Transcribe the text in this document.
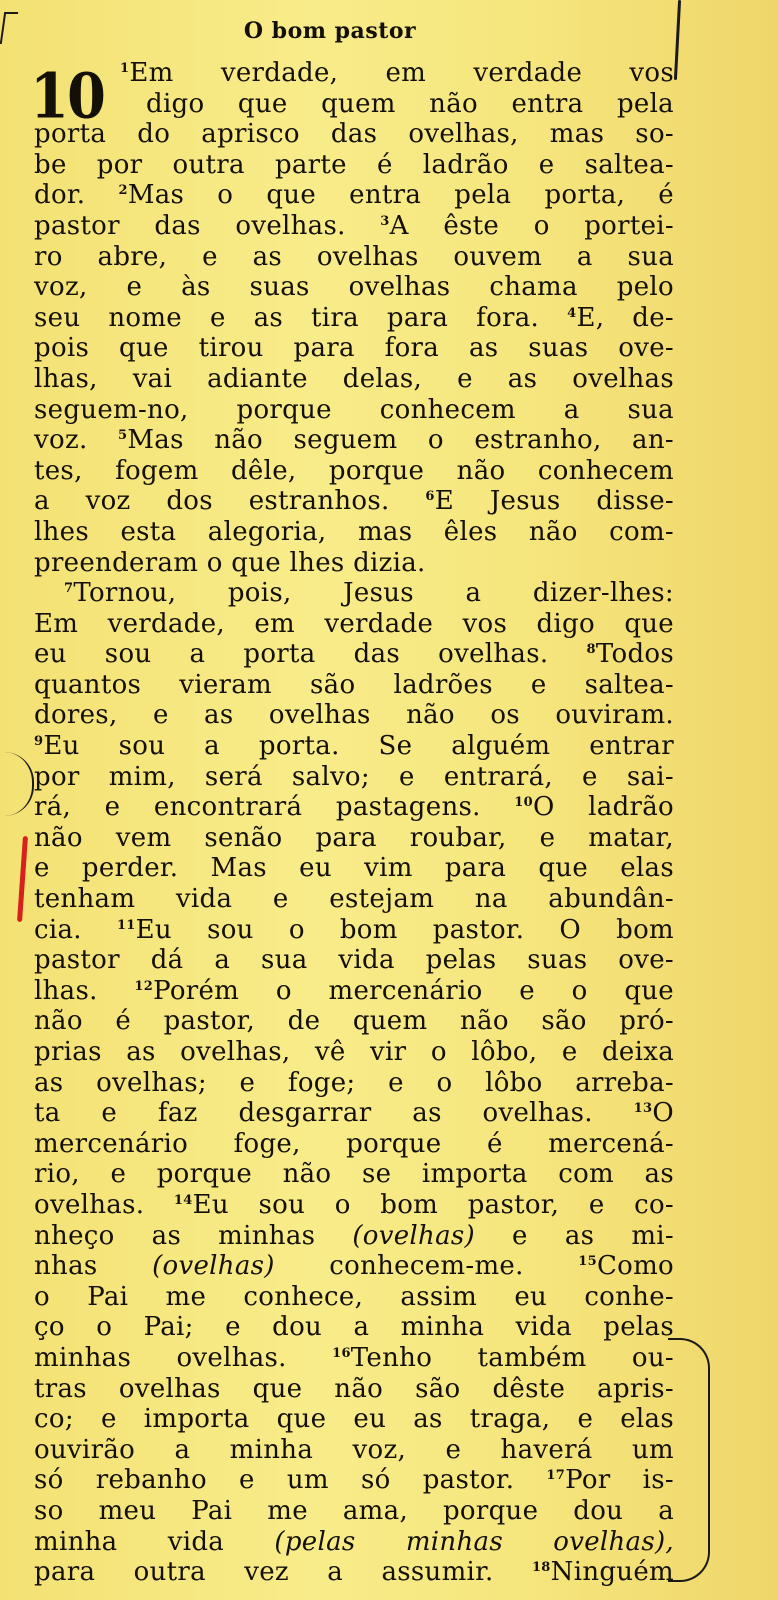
O bom pastor
10	$^1$Em verdade, em verdade vos
digo que quem não entra pela
porta do aprisco das ovelhas, mas so-
be por outra parte é ladrão e saltea-
dor. $^2$Mas o que entra pela porta, é
pastor das ovelhas. $^3$A êste o portei-
ro abre, e as ovelhas ouvem a sua
voz, e às suas ovelhas chama pelo
seu nome e as tira para fora. $^4$E, de-
pois que tirou para fora as suas ove-
lhas, vai adiante delas, e as ovelhas
seguem-no, porque conhecem a sua
voz. $^5$Mas não seguem o estranho, an-
tes, fogem dêle, porque não conhecem
a voz dos estranhos. $^6$E Jesus disse-
lhes esta alegoria, mas êles não com-
preenderam o que lhes dizia.
$^7$Tornou, pois, Jesus a dizer-lhes:
Em verdade, em verdade vos digo que
eu sou a porta das ovelhas. $^8$Todos
quantos vieram são ladrões e saltea-
dores, e as ovelhas não os ouviram.
$^9$Eu sou a porta. Se alguém entrar
por mim, será salvo; e entrará, e sai-
rá, e encontrará pastagens. $^{10}$O ladrão
não vem senão para roubar, e matar,
e perder. Mas eu vim para que elas
tenham vida e estejam na abundân-
cia. $^{11}$Eu sou o bom pastor. O bom
pastor dá a sua vida pelas suas ove-
lhas. $^{12}$Porém o mercenário e o que
não é pastor, de quem não são pró-
prias as ovelhas, vê vir o lôbo, e deixa
as ovelhas; e foge; e o lôbo arreba-
ta e faz desgarrar as ovelhas. $^{13}$O
mercenário foge, porque é mercená-
rio, e porque não se importa com as
ovelhas. $^{14}$Eu sou o bom pastor, e co-
nheço as minhas (ovelhas) e as mi-
nhas (ovelhas) conhecem-me. $^{15}$Como
o Pai me conhece, assim eu conhe-
ço o Pai; e dou a minha vida pelas
minhas ovelhas. $^{16}$Tenho também ou-
tras ovelhas que não são dêste apris-
co; e importa que eu as traga, e elas
ouvirão a minha voz, e haverá um
só rebanho e um só pastor. $^{17}$Por is-
so meu Pai me ama, porque dou a
minha vida (pelas minhas ovelhas),
para outra vez a assumir. $^{18}$Ninguém
